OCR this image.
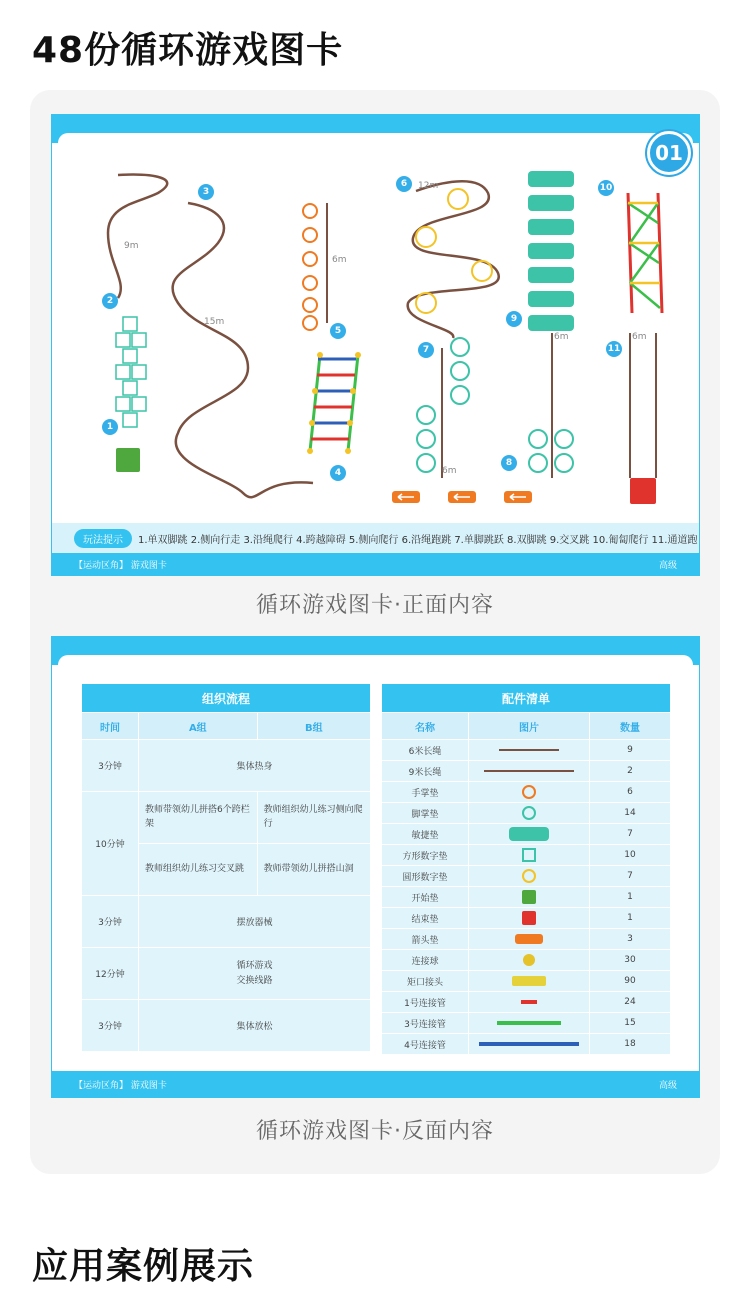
48份循环游戏图卡
1
2
3
4
5
6
7
8
9
10
11
9m
15m
6m
12m
6m
6m	6m
01
玩法提示	1.单双脚跳 2.侧向行走 3.沿绳爬行 4.跨越障碍 5.侧向爬行 6.沿绳跑跳 7.单脚跳跃 8.双脚跳 9.交叉跳 10.匍匐爬行 11.通道跑
【运动区角】 游戏图卡	高级
循环游戏图卡·正面内容
组织流程		
时间	A组	B组
3分钟	集体热身	
10分钟	教师带领幼儿拼搭6个跨栏架	教师组织幼儿练习侧向爬行
	教师组织幼儿练习交叉跳	教师带领幼儿拼搭山洞
3分钟	摆放器械	
12分钟	循环游戏
交换线路	

3分钟	集体放松	
配件清单		
名称	图片	数量
6米长绳		9
9米长绳		2
手掌垫		6
脚掌垫		14
敏捷垫		7
方形数字垫		10
圆形数字垫		7
开始垫		1
结束垫		1
箭头垫		3
连接球		30
矩口接头		90
1号连接管		24
3号连接管		15
4号连接管		18
【运动区角】 游戏图卡	高级
循环游戏图卡·反面内容
应用案例展示
